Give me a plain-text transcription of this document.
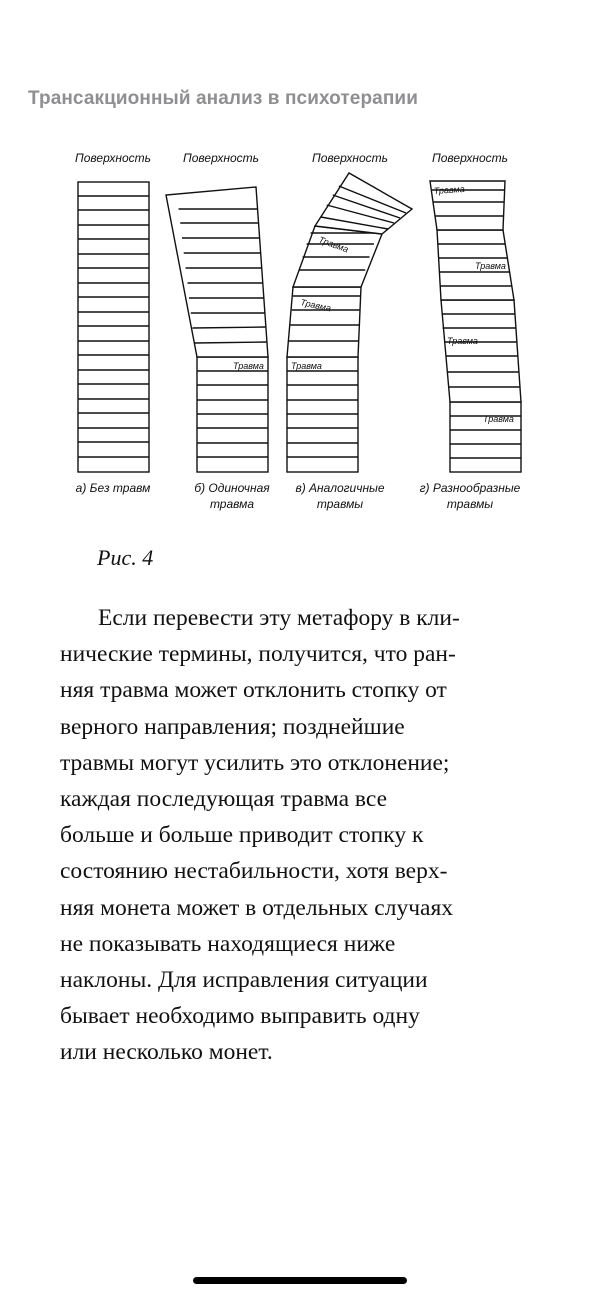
Трансакционный анализ в психотерапии
Поверхность	Поверхность	Поверхность	Поверхность
Травма	Травма
Травма
Травма
Травма
Травма
Травма
Травма
а) Без травм	б) Одиночная
травма
в) Аналогичные
травмы
г) Разнообразные
травмы

Рис. 4

Если перевести эту метафору в кли-
нические термины, получится, что ран-
няя травма может отклонить стопку от
верного направления; позднейшие
травмы могут усилить это отклонение;
каждая последующая травма все
больше и больше приводит стопку к
состоянию нестабильности, хотя верх-
няя монета может в отдельных случаях
не показывать находящиеся ниже
наклоны. Для исправления ситуации
бывает необходимо выправить одну
или несколько монет.
